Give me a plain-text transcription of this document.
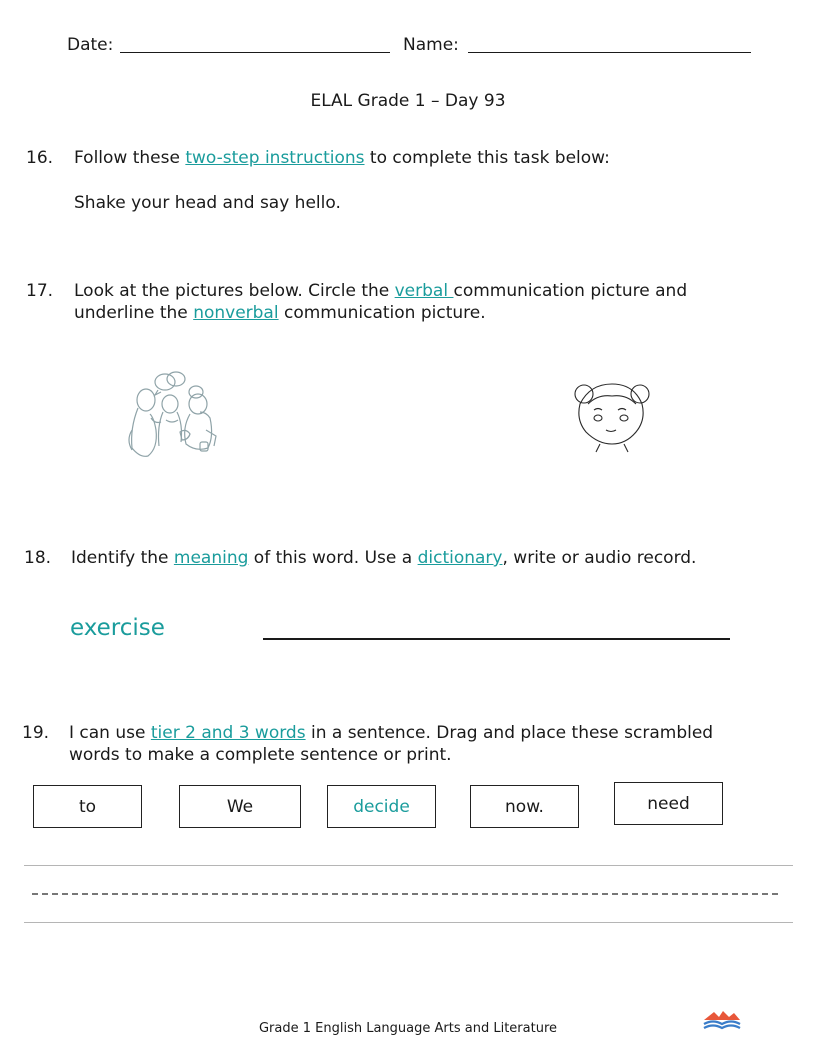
Date:	Name:
ELAL Grade 1 – Day 93
16. Follow these two-step instructions to complete this task below:
Shake your head and say hello.
17. Look at the pictures below. Circle the verbal communication picture and
underline the nonverbal communication picture.
18. Identify the meaning of this word. Use a dictionary, write or audio record.
exercise
19. I can use tier 2 and 3 words in a sentence. Drag and place these scrambled
words to make a complete sentence or print.
to	We	decide	now.	need
Grade 1 English Language Arts and Literature
